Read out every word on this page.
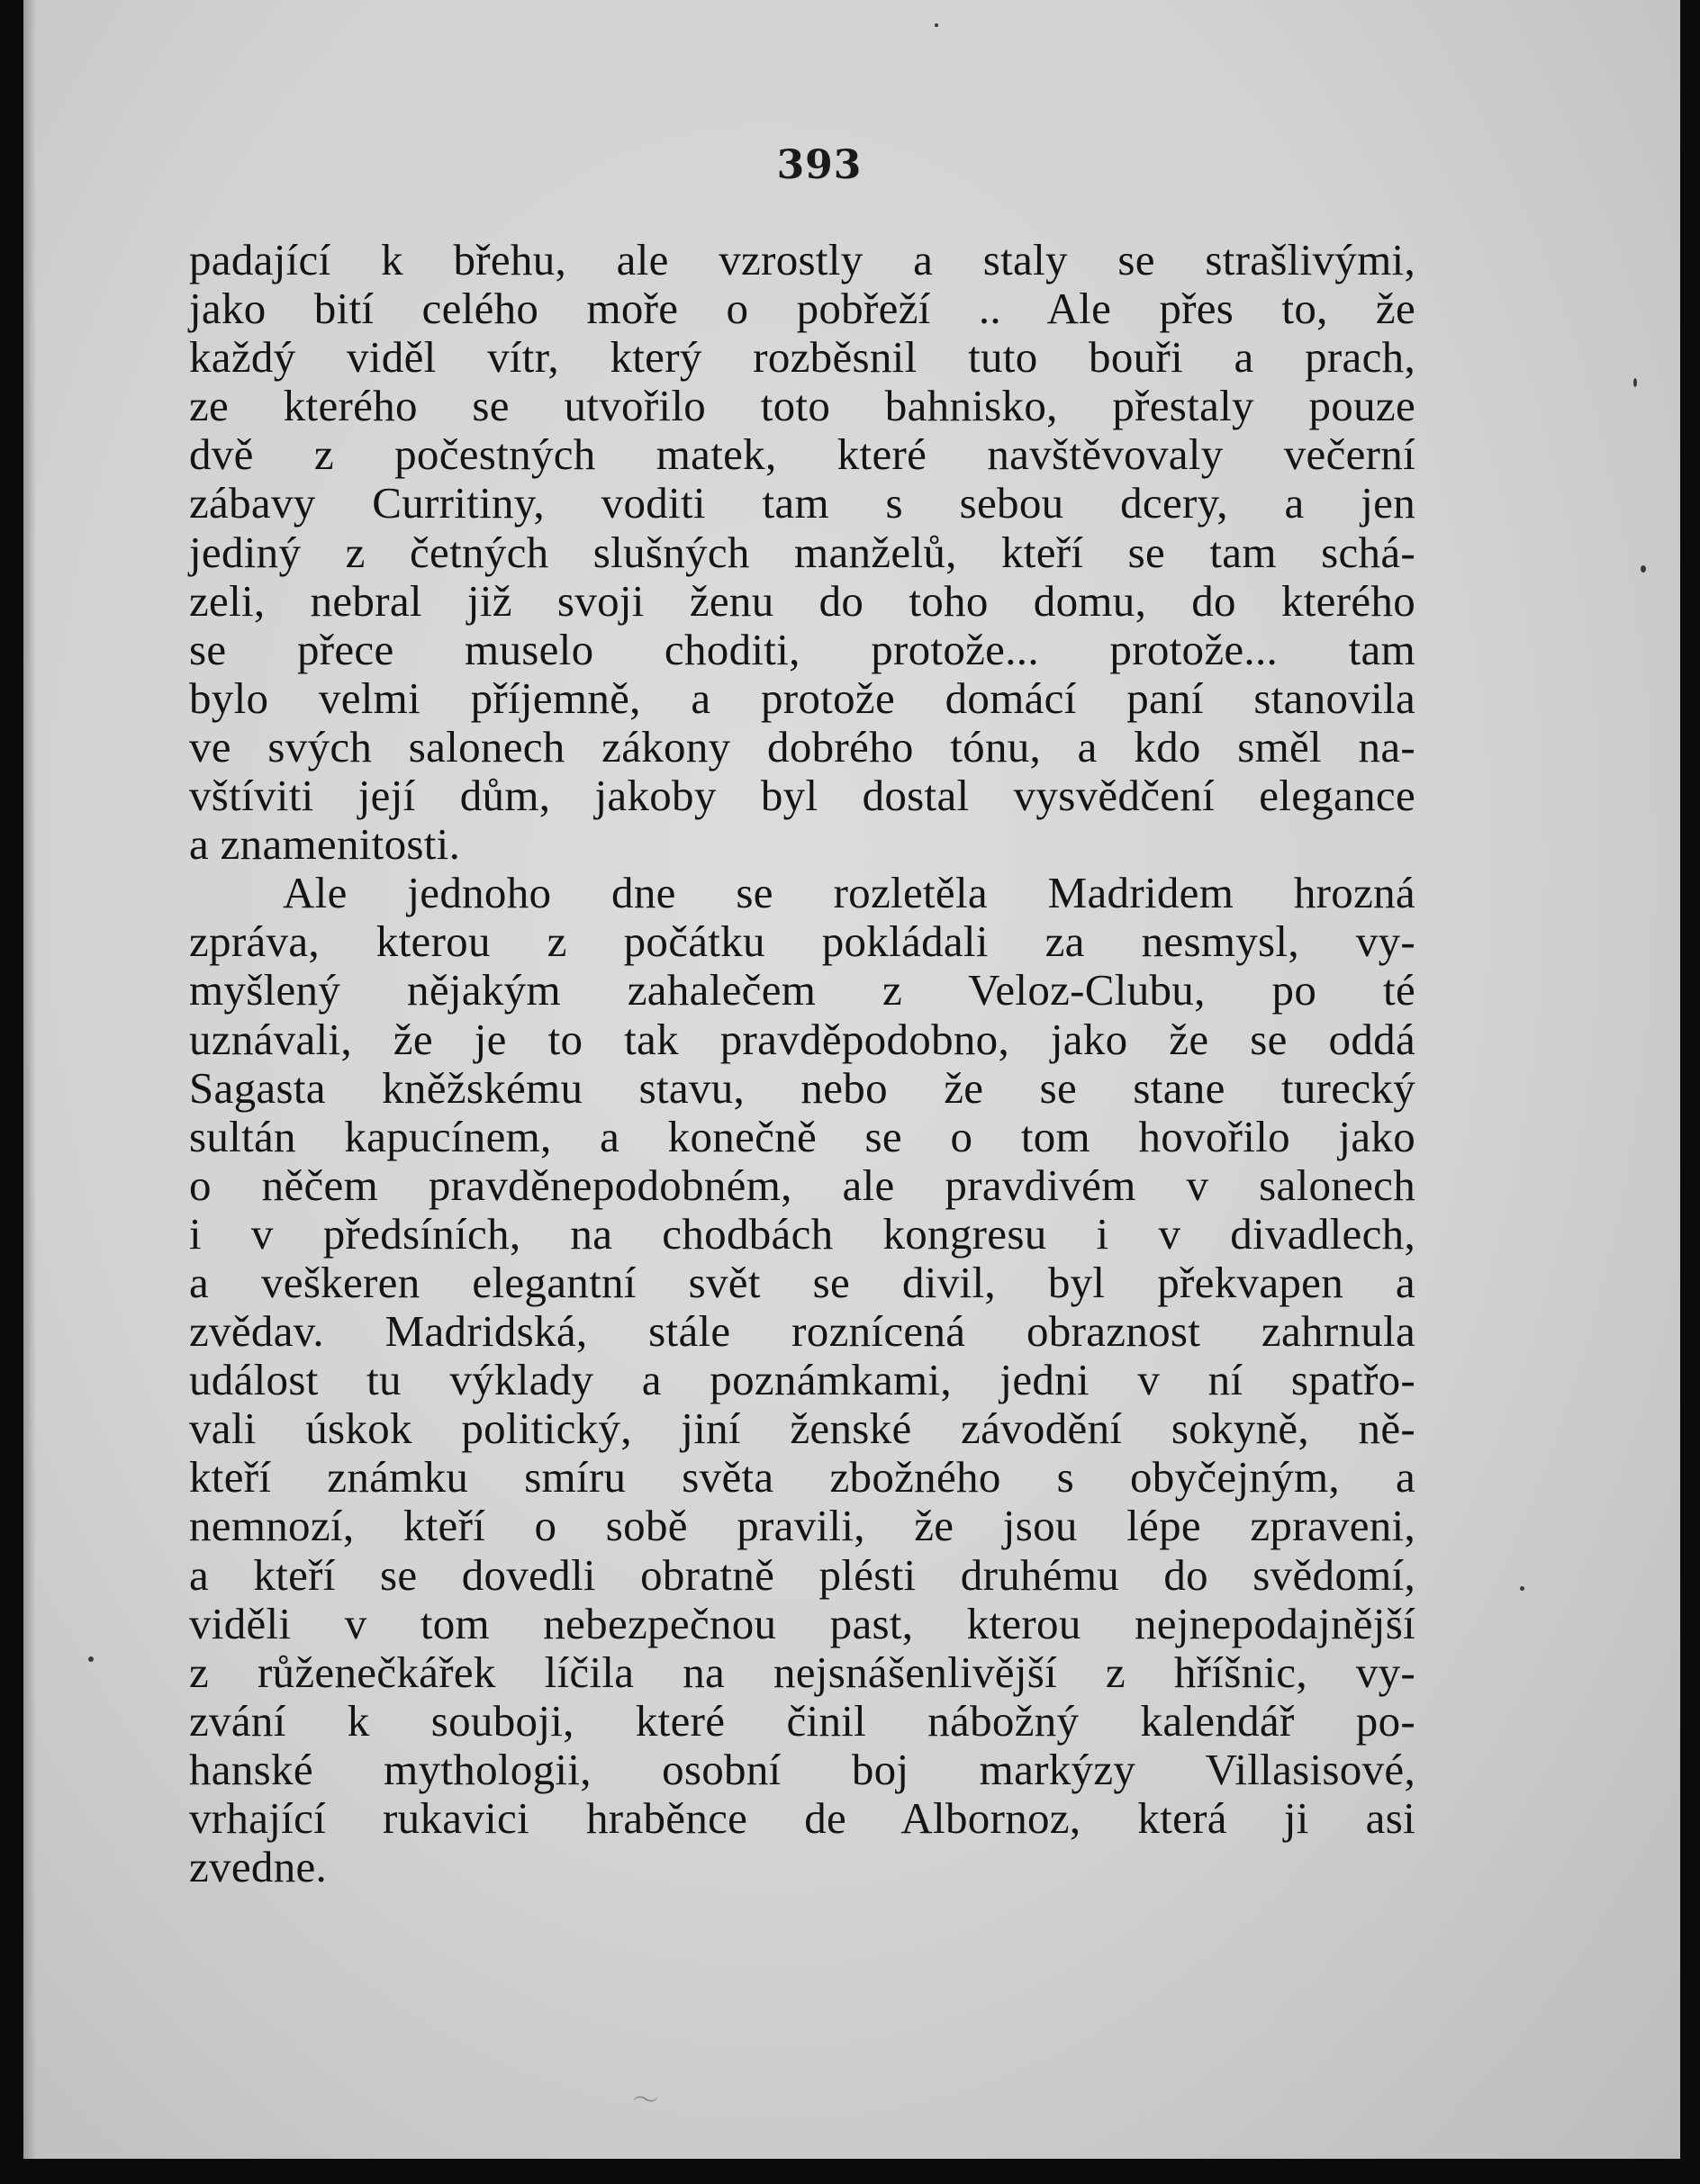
393
padající k břehu, ale vzrostly a staly se strašlivými,
jako bití celého moře o pobřeží .. Ale přes to, že
každý viděl vítr, který rozběsnil tuto bouři a prach,
ze kterého se utvořilo toto bahnisko, přestaly pouze
dvě z počestných matek, které navštěvovaly večerní
zábavy Curritiny, voditi tam s sebou dcery, a jen
jediný z četných slušných manželů, kteří se tam schá-
zeli, nebral již svoji ženu do toho domu, do kterého
se přece muselo choditi, protože... protože... tam
bylo velmi příjemně, a protože domácí paní stanovila
ve svých salonech zákony dobrého tónu, a kdo směl na-
vštíviti její dům, jakoby byl dostal vysvědčení elegance
a znamenitosti.
Ale jednoho dne se rozletěla Madridem hrozná
zpráva, kterou z počátku pokládali za nesmysl, vy-
myšlený nějakým zahalečem z Veloz-Clubu, po té
uznávali, že je to tak pravděpodobno, jako že se oddá
Sagasta kněžskému stavu, nebo že se stane turecký
sultán kapucínem, a konečně se o tom hovořilo jako
o něčem pravděnepodobném, ale pravdivém v salonech
i v předsíních, na chodbách kongresu i v divadlech,
a veškeren elegantní svět se divil, byl překvapen a
zvědav. Madridská, stále roznícená obraznost zahrnula
událost tu výklady a poznámkami, jedni v ní spatřo-
vali úskok politický, jiní ženské závodění sokyně, ně-
kteří známku smíru světa zbožného s obyčejným, a
nemnozí, kteří o sobě pravili, že jsou lépe zpraveni,
a kteří se dovedli obratně plésti druhému do svědomí,
viděli v tom nebezpečnou past, kterou nejnepodajnější
z růženečkářek líčila na nejsnášenlivější z hříšnic, vy-
zvání k souboji, které činil nábožný kalendář po-
hanské mythologii, osobní boj markýzy Villasisové,
vrhající rukavici hraběnce de Albornoz, která ji asi
zvedne.
〜
